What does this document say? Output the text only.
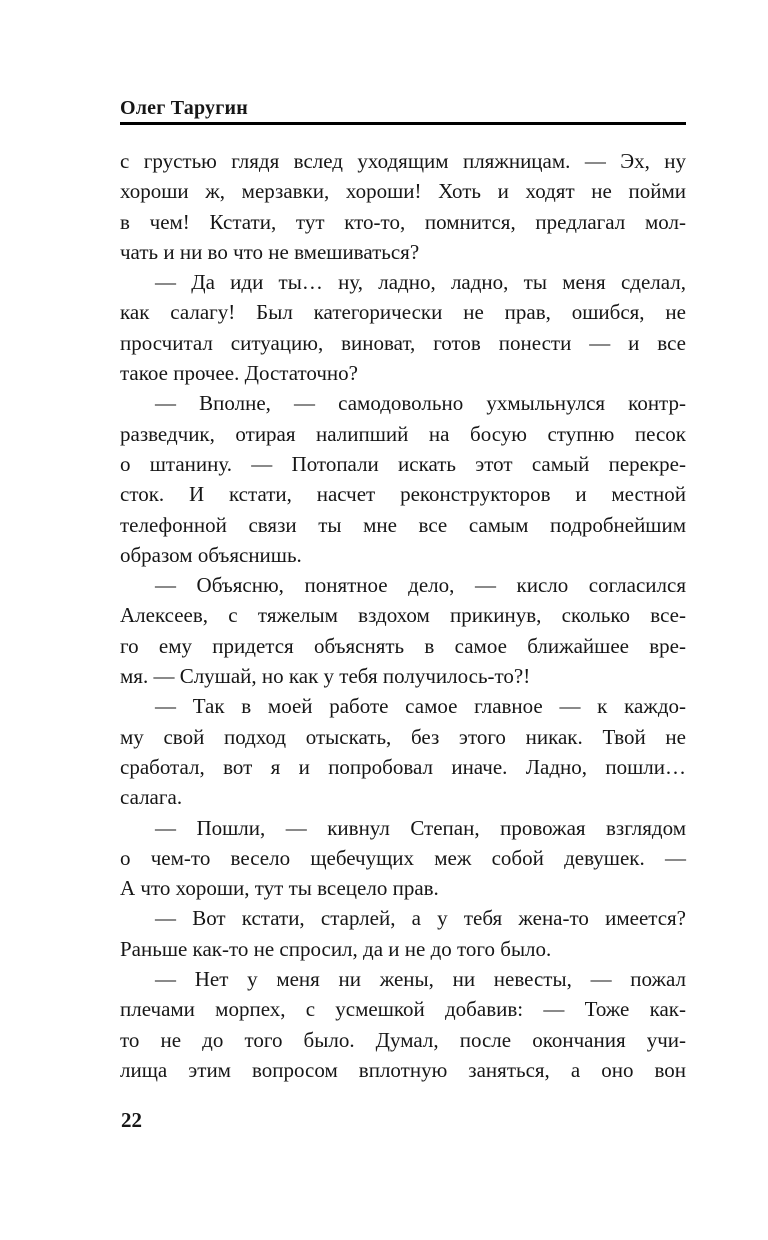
Олег Таругин
с грустью глядя вслед уходящим пляжницам. — Эх, ну
хороши ж, мерзавки, хороши! Хоть и ходят не пойми
в чем! Кстати, тут кто-то, помнится, предлагал мол-
чать и ни во что не вмешиваться?
— Да иди ты… ну, ладно, ладно, ты меня сделал,
как салагу! Был категорически не прав, ошибся, не
просчитал ситуацию, виноват, готов понести — и все
такое прочее. Достаточно?
— Вполне, — самодовольно ухмыльнулся контр-
разведчик, отирая налипший на босую ступню песок
о штанину. — Потопали искать этот самый перекре-
сток. И кстати, насчет реконструкторов и местной
телефонной связи ты мне все самым подробнейшим
образом объяснишь.
— Объясню, понятное дело, — кисло согласился
Алексеев, с тяжелым вздохом прикинув, сколько все-
го ему придется объяснять в самое ближайшее вре-
мя. — Слушай, но как у тебя получилось-то?!
— Так в моей работе самое главное — к каждо-
му свой подход отыскать, без этого никак. Твой не
сработал, вот я и попробовал иначе. Ладно, пошли…
салага.
— Пошли, — кивнул Степан, провожая взглядом
о чем-то весело щебечущих меж собой девушек. —
А что хороши, тут ты всецело прав.
— Вот кстати, старлей, а у тебя жена-то имеется?
Раньше как-то не спросил, да и не до того было.
— Нет у меня ни жены, ни невесты, — пожал
плечами морпех, с усмешкой добавив: — Тоже как-
то не до того было. Думал, после окончания учи-
лища этим вопросом вплотную заняться, а оно вон
22
